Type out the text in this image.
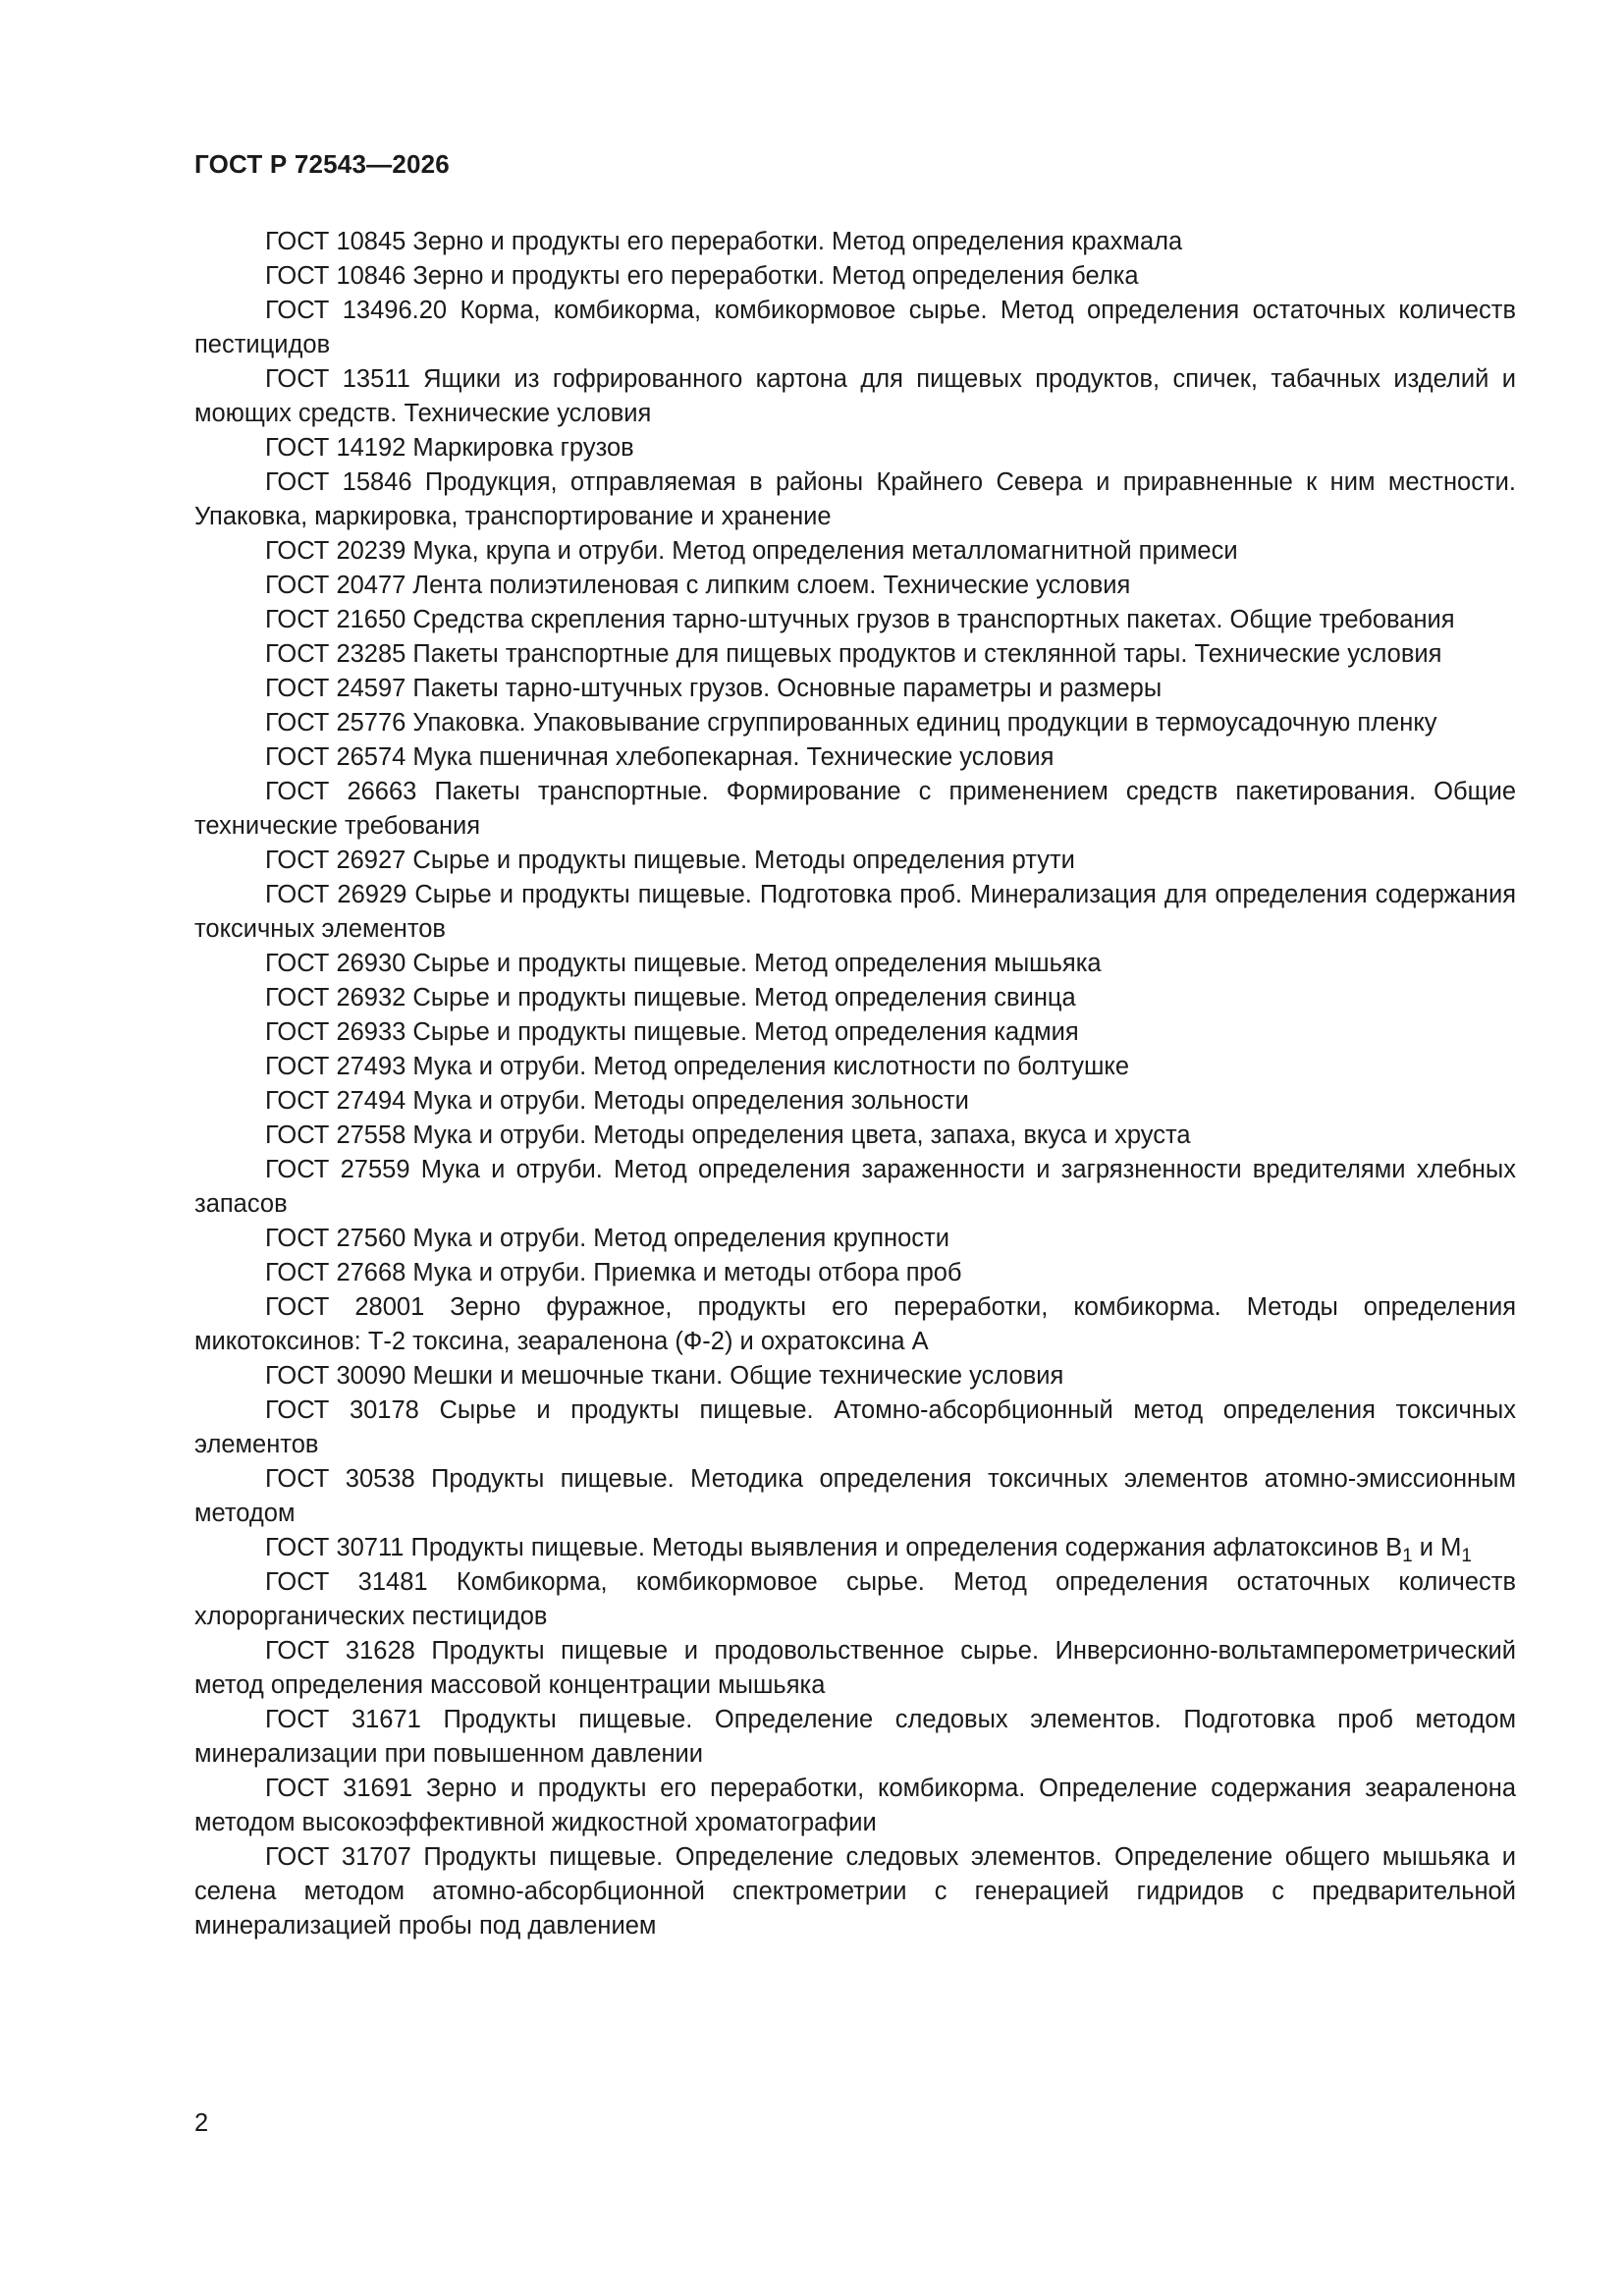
ГОСТ Р 72543—2026

ГОСТ 10845 Зерно и продукты его переработки. Метод определения крахмала

ГОСТ 10846 Зерно и продукты его переработки. Метод определения белка

ГОСТ 13496.20 Корма, комбикорма, комбикормовое сырье. Метод определения остаточных количеств пестицидов

ГОСТ 13511 Ящики из гофрированного картона для пищевых продуктов, спичек, табачных изделий и моющих средств. Технические условия

ГОСТ 14192 Маркировка грузов

ГОСТ 15846 Продукция, отправляемая в районы Крайнего Севера и приравненные к ним местности. Упаковка, маркировка, транспортирование и хранение

ГОСТ 20239 Мука, крупа и отруби. Метод определения металломагнитной примеси

ГОСТ 20477 Лента полиэтиленовая с липким слоем. Технические условия

ГОСТ 21650 Средства скрепления тарно-штучных грузов в транспортных пакетах. Общие требования

ГОСТ 23285 Пакеты транспортные для пищевых продуктов и стеклянной тары. Технические условия

ГОСТ 24597 Пакеты тарно-штучных грузов. Основные параметры и размеры

ГОСТ 25776 Упаковка. Упаковывание сгруппированных единиц продукции в термоусадочную пленку

ГОСТ 26574 Мука пшеничная хлебопекарная. Технические условия

ГОСТ 26663 Пакеты транспортные. Формирование с применением средств пакетирования. Общие технические требования

ГОСТ 26927 Сырье и продукты пищевые. Методы определения ртути

ГОСТ 26929 Сырье и продукты пищевые. Подготовка проб. Минерализация для определения содержания токсичных элементов

ГОСТ 26930 Сырье и продукты пищевые. Метод определения мышьяка

ГОСТ 26932 Сырье и продукты пищевые. Метод определения свинца

ГОСТ 26933 Сырье и продукты пищевые. Метод определения кадмия

ГОСТ 27493 Мука и отруби. Метод определения кислотности по болтушке

ГОСТ 27494 Мука и отруби. Методы определения зольности

ГОСТ 27558 Мука и отруби. Методы определения цвета, запаха, вкуса и хруста

ГОСТ 27559 Мука и отруби. Метод определения зараженности и загрязненности вредителями хлебных запасов

ГОСТ 27560 Мука и отруби. Метод определения крупности

ГОСТ 27668 Мука и отруби. Приемка и методы отбора проб

ГОСТ 28001 Зерно фуражное, продукты его переработки, комбикорма. Методы определения микотоксинов: Т-2 токсина, зеараленона (Ф-2) и охратоксина А

ГОСТ 30090 Мешки и мешочные ткани. Общие технические условия

ГОСТ 30178 Сырье и продукты пищевые. Атомно-абсорбционный метод определения токсичных элементов

ГОСТ 30538 Продукты пищевые. Методика определения токсичных элементов атомно-эмиссионным методом

ГОСТ 30711 Продукты пищевые. Методы выявления и определения содержания афлатоксинов $В_1$ и $М_1$

ГОСТ 31481 Комбикорма, комбикормовое сырье. Метод определения остаточных количеств хлорорганических пестицидов

ГОСТ 31628 Продукты пищевые и продовольственное сырье. Инверсионно-вольтамперометрический метод определения массовой концентрации мышьяка

ГОСТ 31671 Продукты пищевые. Определение следовых элементов. Подготовка проб методом минерализации при повышенном давлении

ГОСТ 31691 Зерно и продукты его переработки, комбикорма. Определение содержания зеараленона методом высокоэффективной жидкостной хроматографии

ГОСТ 31707 Продукты пищевые. Определение следовых элементов. Определение общего мышьяка и селена методом атомно-абсорбционной спектрометрии с генерацией гидридов с предварительной минерализацией пробы под давлением

2
